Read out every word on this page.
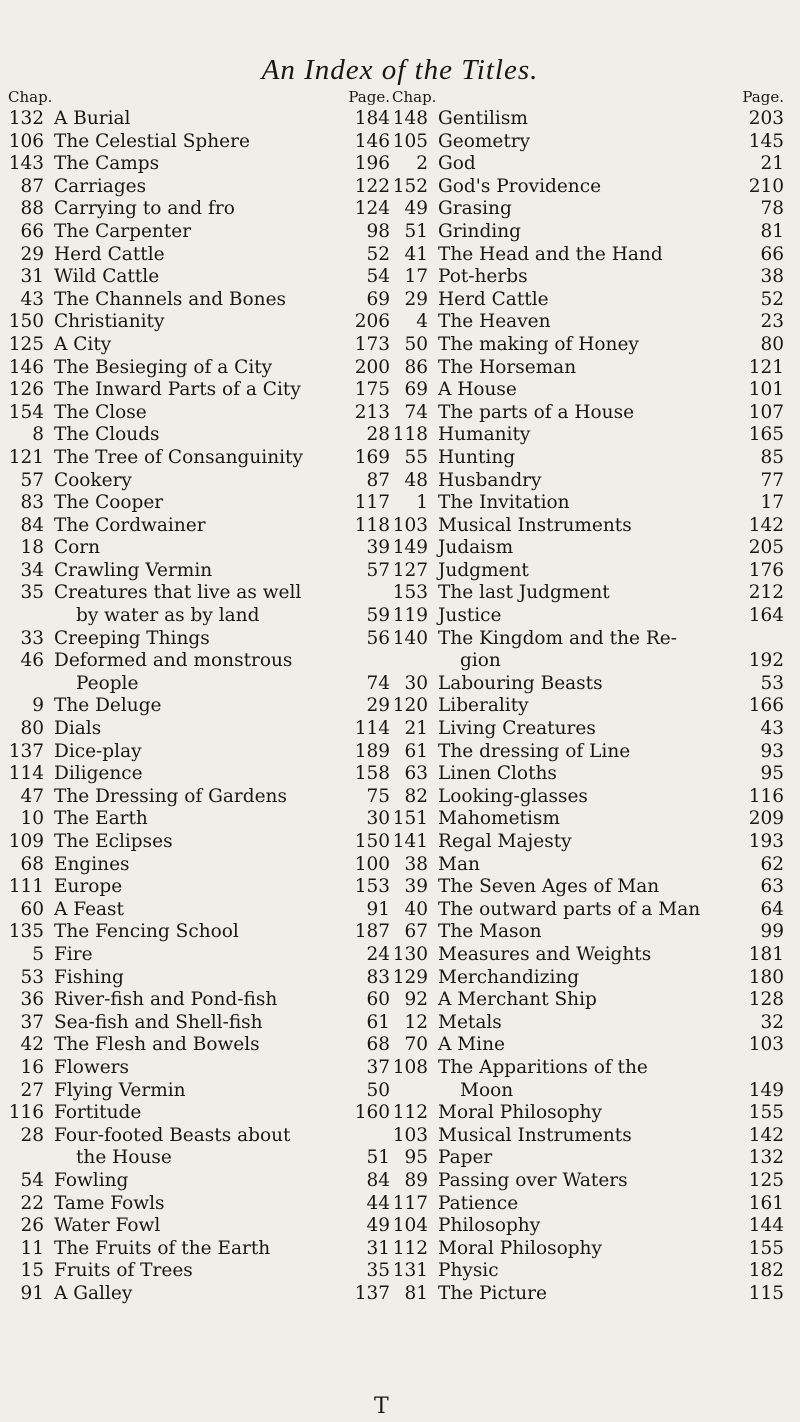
An Index of the Titles.
Chap.	Page.
132 A Burial	184
106 The Celestial Sphere	146
143 The Camps	196
87 Carriages	122
88 Carrying to and fro	124
66 The Carpenter	98
29 Herd Cattle	52
31 Wild Cattle	54
43 The Channels and Bones	69
150 Christianity	206
125 A City	173
146 The Besieging of a City	200
126 The Inward Parts of a City	175
154 The Close	213
8 The Clouds	28
121 The Tree of Consanguinity	169
57 Cookery	87
83 The Cooper	117
84 The Cordwainer	118
18 Corn	39
34 Crawling Vermin	57
35 Creatures that live as well
by water as by land	59
33 Creeping Things	56
46 Deformed and monstrous
People	74
9 The Deluge	29
80 Dials	114
137 Dice-play	189
114 Diligence	158
47 The Dressing of Gardens	75
10 The Earth	30
109 The Eclipses	150
68 Engines	100
111 Europe	153
60 A Feast	91
135 The Fencing School	187
5 Fire	24
53 Fishing	83
36 River-fish and Pond-fish	60
37 Sea-fish and Shell-fish	61
42 The Flesh and Bowels	68
16 Flowers	37
27 Flying Vermin	50
116 Fortitude	160
28 Four-footed Beasts about
the House	51
54 Fowling	84
22 Tame Fowls	44
26 Water Fowl	49
11 The Fruits of the Earth	31
15 Fruits of Trees	35
91 A Galley	137
Chap.	Page.
148 Gentilism	203
105 Geometry	145
2 God	21
152 God's Providence	210
49 Grasing	78
51 Grinding	81
41 The Head and the Hand	66
17 Pot-herbs	38
29 Herd Cattle	52
4 The Heaven	23
50 The making of Honey	80
86 The Horseman	121
69 A House	101
74 The parts of a House	107
118 Humanity	165
55 Hunting	85
48 Husbandry	77
1 The Invitation	17
103 Musical Instruments	142
149 Judaism	205
127 Judgment	176
153 The last Judgment	212
119 Justice	164
140 The Kingdom and the Re-
gion	192
30 Labouring Beasts	53
120 Liberality	166
21 Living Creatures	43
61 The dressing of Line	93
63 Linen Cloths	95
82 Looking-glasses	116
151 Mahometism	209
141 Regal Majesty	193
38 Man	62
39 The Seven Ages of Man	63
40 The outward parts of a Man	64
67 The Mason	99
130 Measures and Weights	181
129 Merchandizing	180
92 A Merchant Ship	128
12 Metals	32
70 A Mine	103
108 The Apparitions of the
Moon	149
112 Moral Philosophy	155
103 Musical Instruments	142
95 Paper	132
89 Passing over Waters	125
117 Patience	161
104 Philosophy	144
112 Moral Philosophy	155
131 Physic	182
81 The Picture	115
T
